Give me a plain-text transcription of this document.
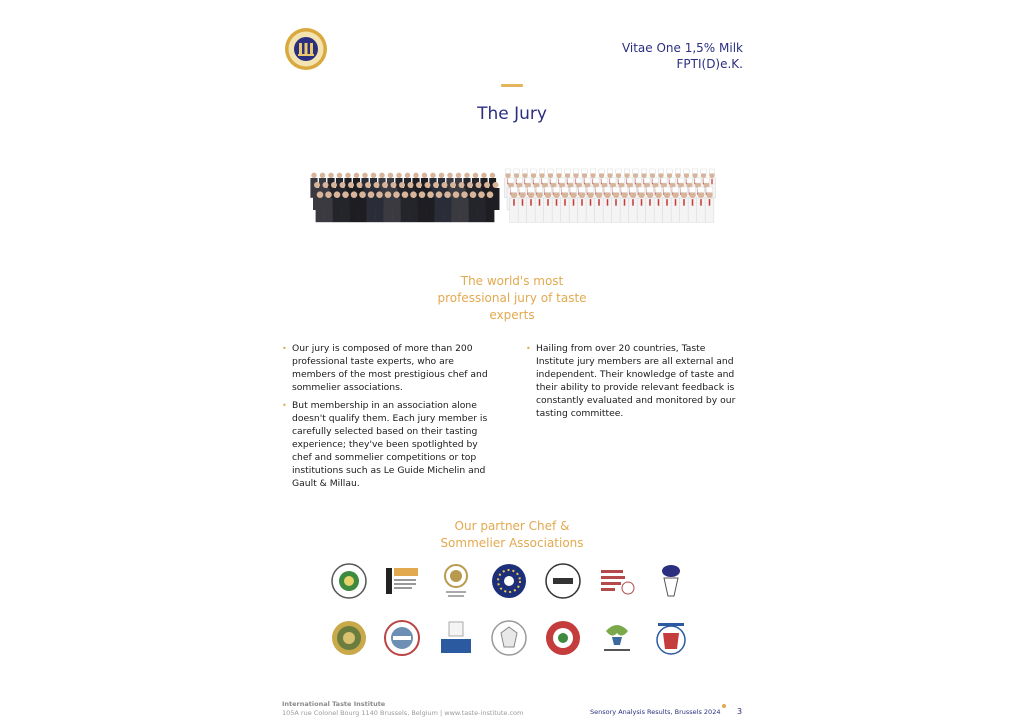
Vitae One 1,5% Milk
FPTI(D)e.K.
The Jury
The world's most
professional jury of taste
experts
• Our jury is composed of more than 200 professional taste experts, who are members of the most prestigious chef and sommelier associations.
• But membership in an association alone doesn't qualify them. Each jury member is carefully selected based on their tasting experience; they've been spotlighted by chef and sommelier competitions or top institutions such as Le Guide Michelin and Gault & Millau.
• Hailing from over 20 countries, Taste Institute jury members are all external and independent. Their knowledge of taste and their ability to provide relevant feedback is constantly evaluated and monitored by our tasting committee.
Our partner Chef &
Sommelier Associations
International Taste Institute
105A rue Colonel Bourg 1140 Brussels, Belgium | www.taste-institute.com	Sensory Analysis Results, Brussels 2024 3
